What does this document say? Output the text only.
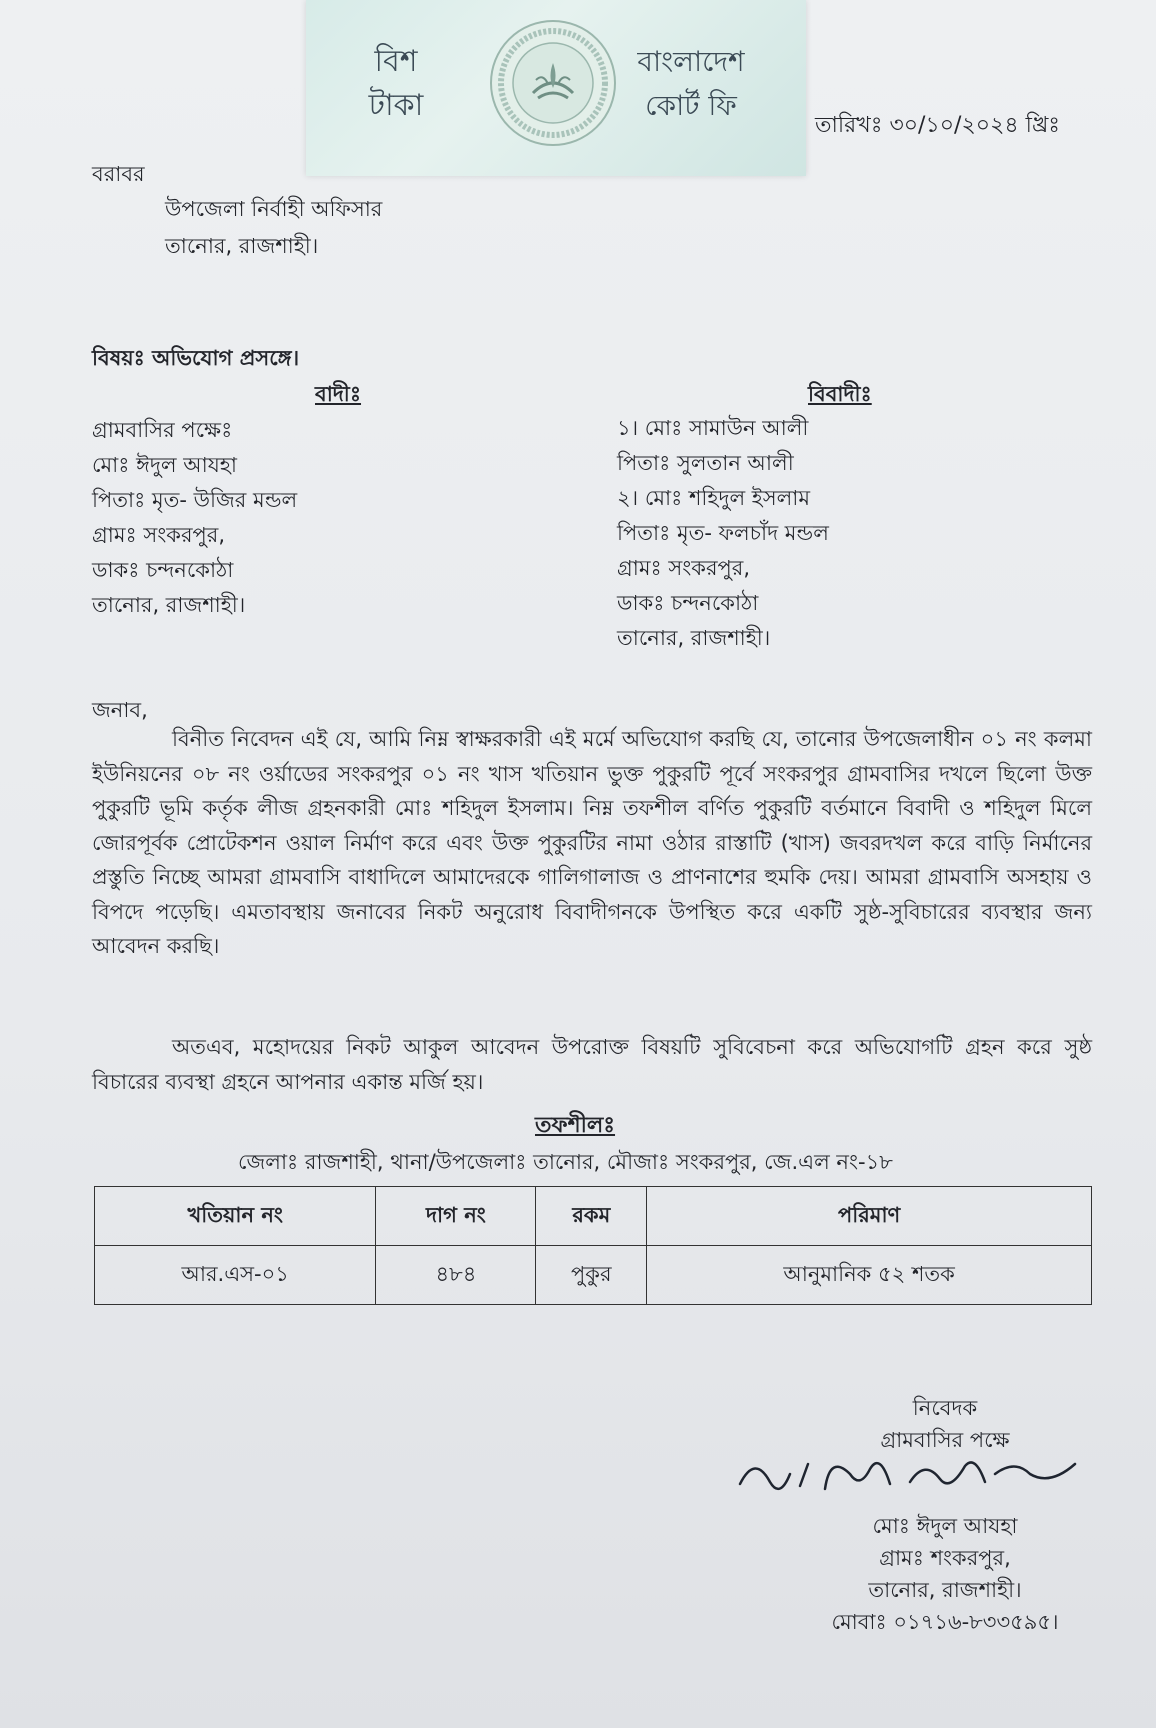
বিশ
টাকা
বাংলাদেশ
কোর্ট ফি
তারিখঃ ৩০/১০/২০২৪ খ্রিঃ
বরাবর
উপজেলা নির্বাহী অফিসার
তানোর, রাজশাহী।
বিষয়ঃ অভিযোগ প্রসঙ্গে।
বাদীঃ
গ্রামবাসির পক্ষেঃ
মোঃ ঈদুল আযহা
পিতাঃ মৃত- উজির মন্ডল
গ্রামঃ সংকরপুর,
ডাকঃ চন্দনকোঠা
তানোর, রাজশাহী।
বিবাদীঃ
১। মোঃ সামাউন আলী
পিতাঃ সুলতান আলী
২। মোঃ শহিদুল ইসলাম
পিতাঃ মৃত- ফলচাঁদ মন্ডল
গ্রামঃ সংকরপুর,
ডাকঃ চন্দনকোঠা
তানোর, রাজশাহী।
জনাব,
বিনীত নিবেদন এই যে, আমি নিম্ন স্বাক্ষরকারী এই মর্মে অভিযোগ করছি যে, তানোর উপজেলাধীন ০১ নং কলমা ইউনিয়নের ০৮ নং ওর্য়াডের সংকরপুর ০১ নং খাস খতিয়ান ভুক্ত পুকুরটি পূর্বে সংকরপুর গ্রামবাসির দখলে ছিলো উক্ত পুকুরটি ভূমি কর্তৃক লীজ গ্রহনকারী মোঃ শহিদুল ইসলাম। নিম্ন তফশীল বর্ণিত পুকুরটি বর্তমানে বিবাদী ও শহিদুল মিলে জোরপূর্বক প্রোটেকশন ওয়াল নির্মাণ করে এবং উক্ত পুকুরটির নামা ওঠার রাস্তাটি (খাস) জবরদখল করে বাড়ি নির্মানের প্রস্তুতি নিচ্ছে আমরা গ্রামবাসি বাধাদিলে আমাদেরকে গালিগালাজ ও প্রাণনাশের হুমকি দেয়। আমরা গ্রামবাসি অসহায় ও বিপদে পড়েছি। এমতাবস্থায় জনাবের নিকট অনুরোধ বিবাদীগনকে উপস্থিত করে একটি সুষ্ঠ-সুবিচারের ব্যবস্থার জন্য আবেদন করছি।
অতএব, মহোদয়ের নিকট আকুল আবেদন উপরোক্ত বিষয়টি সুবিবেচনা করে অভিযোগটি গ্রহন করে সুষ্ঠ বিচারের ব্যবস্থা গ্রহনে আপনার একান্ত মর্জি হয়।
তফশীলঃ
জেলাঃ রাজশাহী, থানা/উপজেলাঃ তানোর, মৌজাঃ সংকরপুর, জে.এল নং-১৮
খতিয়ান নং	দাগ নং	রকম	পরিমাণ
আর.এস-০১	৪৮৪	পুকুর	আনুমানিক ৫২ শতক
নিবেদক
গ্রামবাসির পক্ষে
মোঃ ঈদুল আযহা
গ্রামঃ শংকরপুর,
তানোর, রাজশাহী।
মোবাঃ ০১৭১৬-৮৩৩৫৯৫।
